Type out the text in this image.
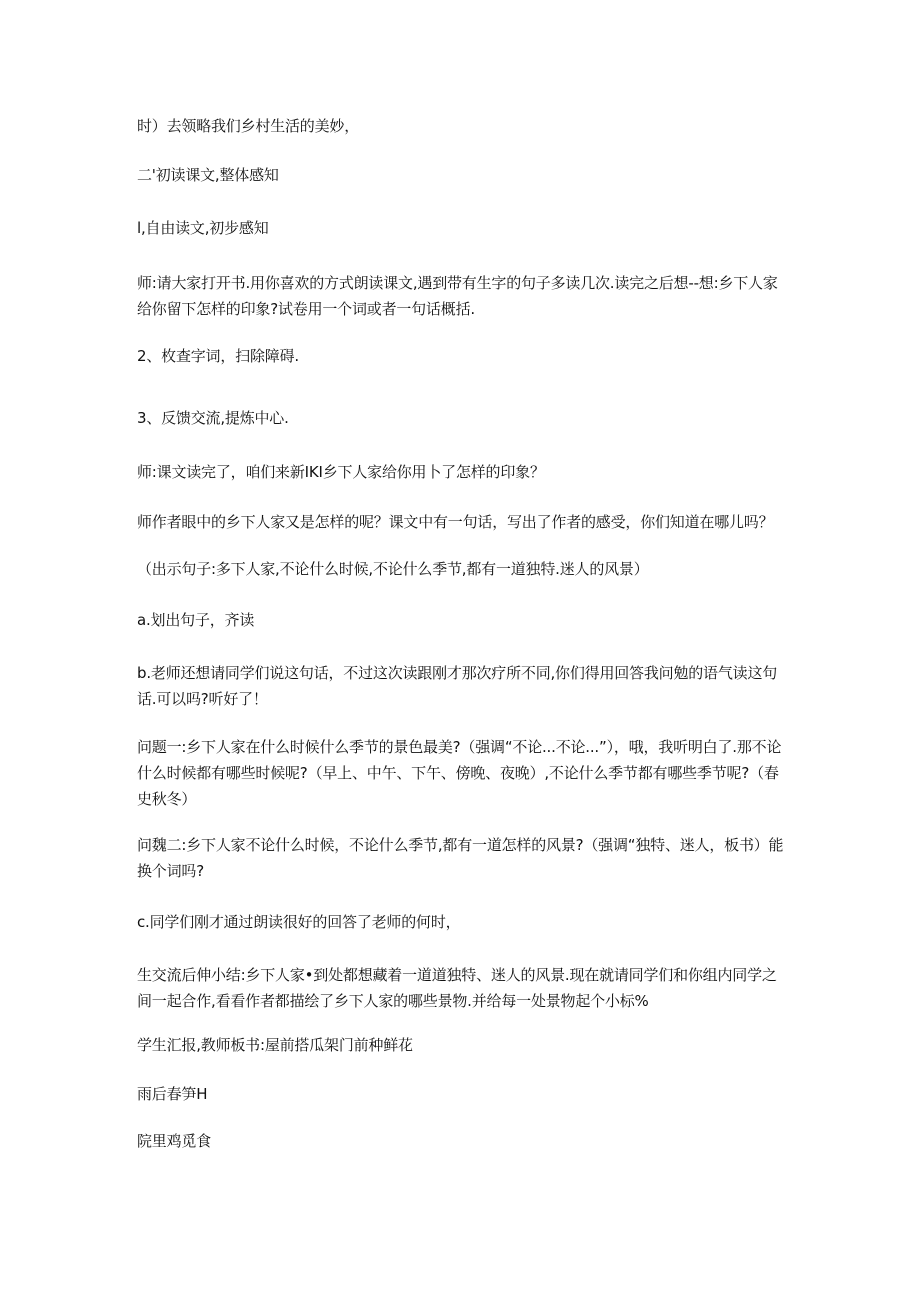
时）去领略我们乡村生活的美妙，

二'初读课文,整体感知

l,自由读文,初步感知

师:请大家打开书.用你喜欢的方式朗读课文,遇到带有生字的句子多读几次.读完之后想--想:乡下人家给你留下怎样的印象?试卷用一个词或者一句话概括.

2、枚查字词，扫除障碍.

3、反馈交流,提炼中心.

师:课文读完了，咱们来新IKI乡下人家给你用卜了怎样的印象？

师作者眼中的乡下人家又是怎样的呢？课文中有一句话，写出了作者的感受，你们知道在哪儿吗？

（出示句子:多下人家,不论什么时候,不论什么季节,都有一道独特.迷人的风景）

a.划出句子，齐读

b.老师还想请同学们说这句话，不过这次读跟刚才那次疗所不同,你们得用回答我问勉的语气读这句话.可以吗?听好了！

问题一:乡下人家在什么时候什么季节的景色最美?（强调“不论...不论...”），哦，我听明白了.那不论什么时候都有哪些时候呢?（早上、中午、下午、傍晚、夜晚）,不论什么季节都有哪些季节呢?（春史秋冬）

问魏二:乡下人家不论什么时候，不论什么季节,都有一道怎样的风景?（强调“独特、迷人，板书）能换个词吗?

c.同学们刚才通过朗读很好的回答了老师的何时，

生交流后伸小结:乡下人家•到处都想藏着一道道独特、迷人的风景.现在就请同学们和你组内同学之间一起合作,看看作者都描绘了乡下人家的哪些景物.并给每一处景物起个小标%

学生汇报,教师板书:屋前搭瓜架门前种鲜花

雨后春笋H

院里鸡觅食
